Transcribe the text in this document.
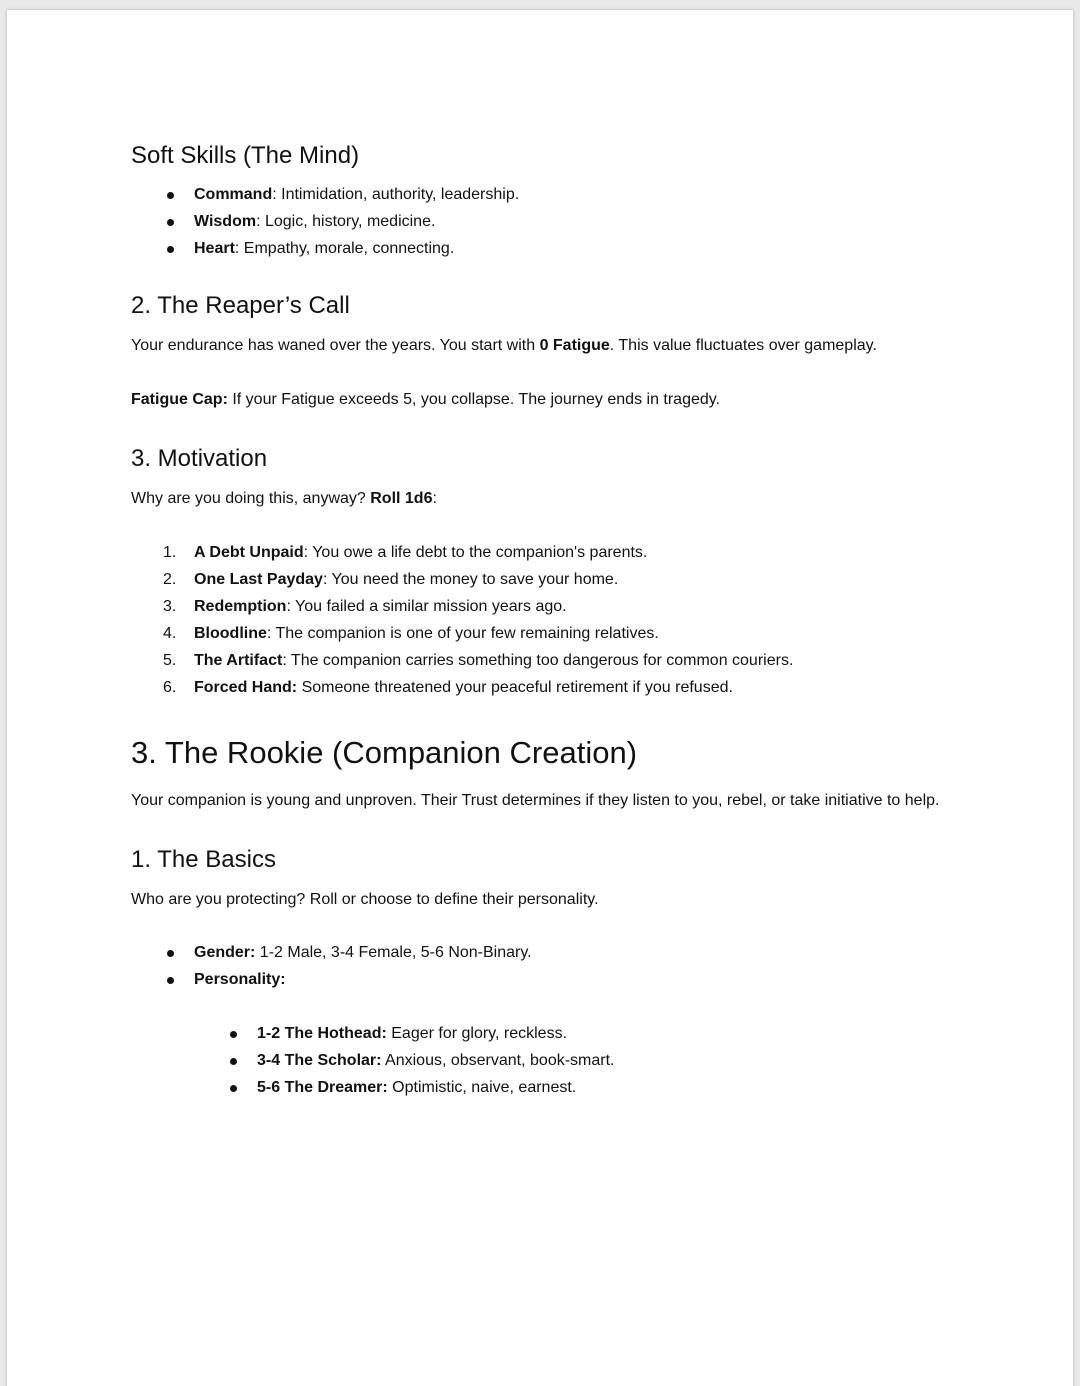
Soft Skills (The Mind)
Command: Intimidation, authority, leadership.
Wisdom: Logic, history, medicine.
Heart: Empathy, morale, connecting.
2. The Reaper’s Call

Your endurance has waned over the years. You start with 0 Fatigue. This value fluctuates over gameplay.

Fatigue Cap: If your Fatigue exceeds 5, you collapse. The journey ends in tragedy.

3. Motivation

Why are you doing this, anyway? Roll 1d6:

1.	A Debt Unpaid: You owe a life debt to the companion's parents.
2.	One Last Payday: You need the money to save your home.
3.	Redemption: You failed a similar mission years ago.
4.	Bloodline: The companion is one of your few remaining relatives.
5.	The Artifact: The companion carries something too dangerous for common couriers.
6.	Forced Hand: Someone threatened your peaceful retirement if you refused.
3. The Rookie (Companion Creation)

Your companion is young and unproven. Their Trust determines if they listen to you, rebel, or take initiative to help.

1. The Basics

Who are you protecting? Roll or choose to define their personality.

Gender: 1-2 Male, 3-4 Female, 5-6 Non-Binary.
Personality:
1-2 The Hothead: Eager for glory, reckless.
3-4 The Scholar: Anxious, observant, book-smart.
5-6 The Dreamer: Optimistic, naive, earnest.
